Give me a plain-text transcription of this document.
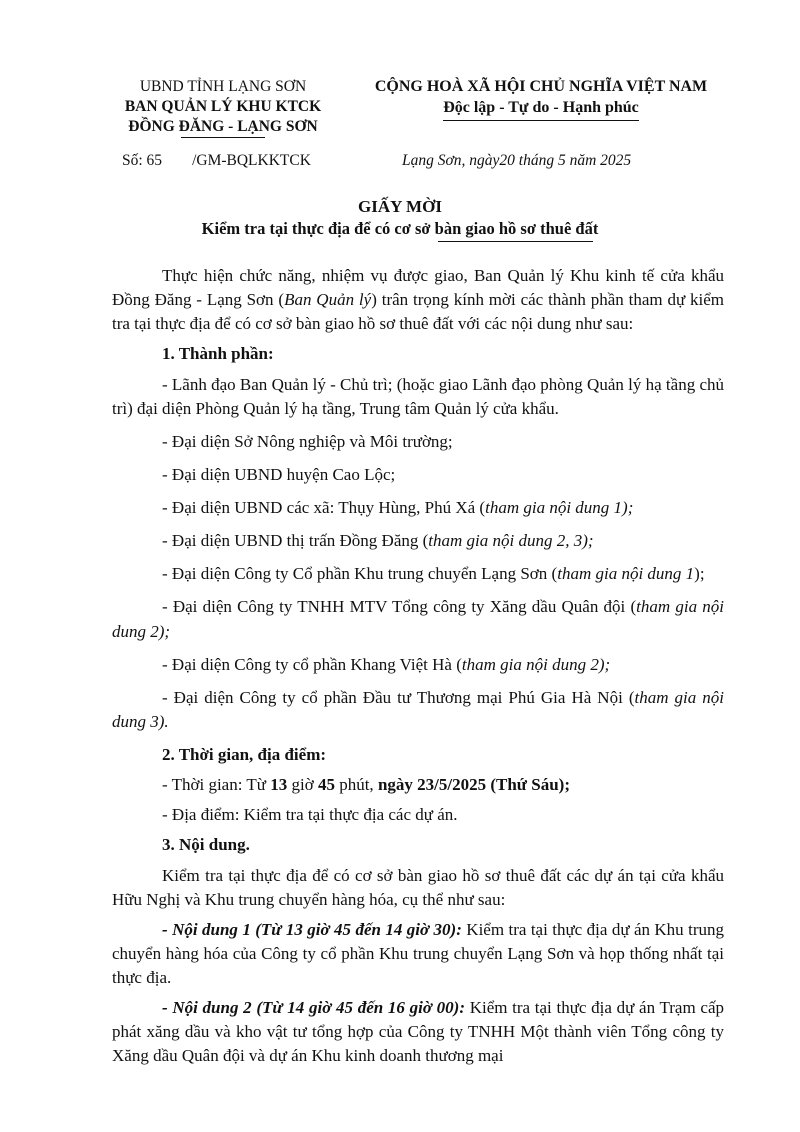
UBND TỈNH LẠNG SƠN
BAN QUẢN LÝ KHU KTCK
ĐỒNG ĐĂNG - LẠNG SƠN
CỘNG HOÀ XÃ HỘI CHỦ NGHĨA VIỆT NAM
Độc lập - Tự do - Hạnh phúc
Số: 65 /GM-BQLKKTCK	Lạng Sơn, ngày20 tháng 5 năm 2025
GIẤY MỜI
Kiểm tra tại thực địa để có cơ sở bàn giao hồ sơ thuê đất

Thực hiện chức năng, nhiệm vụ được giao, Ban Quản lý Khu kinh tế cửa khẩu Đồng Đăng - Lạng Sơn (Ban Quản lý) trân trọng kính mời các thành phần tham dự kiểm tra tại thực địa để có cơ sở bàn giao hồ sơ thuê đất với các nội dung như sau:

1. Thành phần:

- Lãnh đạo Ban Quản lý - Chủ trì; (hoặc giao Lãnh đạo phòng Quản lý hạ tầng chủ trì) đại diện Phòng Quản lý hạ tầng, Trung tâm Quản lý cửa khẩu.

- Đại diện Sở Nông nghiệp và Môi trường;

- Đại diện UBND huyện Cao Lộc;

- Đại diện UBND các xã: Thụy Hùng, Phú Xá (tham gia nội dung 1);

- Đại diện UBND thị trấn Đồng Đăng (tham gia nội dung 2, 3);

- Đại diện Công ty Cổ phần Khu trung chuyển Lạng Sơn (tham gia nội dung 1);

- Đại diện Công ty TNHH MTV Tổng công ty Xăng dầu Quân đội (tham gia nội dung 2);

- Đại diện Công ty cổ phần Khang Việt Hà (tham gia nội dung 2);

- Đại diện Công ty cổ phần Đầu tư Thương mại Phú Gia Hà Nội (tham gia nội dung 3).

2. Thời gian, địa điểm:

- Thời gian: Từ 13 giờ 45 phút, ngày 23/5/2025 (Thứ Sáu);

- Địa điểm: Kiểm tra tại thực địa các dự án.

3. Nội dung.

Kiểm tra tại thực địa để có cơ sở bàn giao hồ sơ thuê đất các dự án tại cửa khẩu Hữu Nghị và Khu trung chuyển hàng hóa, cụ thể như sau:

- Nội dung 1 (Từ 13 giờ 45 đến 14 giờ 30): Kiểm tra tại thực địa dự án Khu trung chuyển hàng hóa của Công ty cổ phần Khu trung chuyển Lạng Sơn và họp thống nhất tại thực địa.

- Nội dung 2 (Từ 14 giờ 45 đến 16 giờ 00): Kiểm tra tại thực địa dự án Trạm cấp phát xăng dầu và kho vật tư tổng hợp của Công ty TNHH Một thành viên Tổng công ty Xăng dầu Quân đội và dự án Khu kinh doanh thương mại
